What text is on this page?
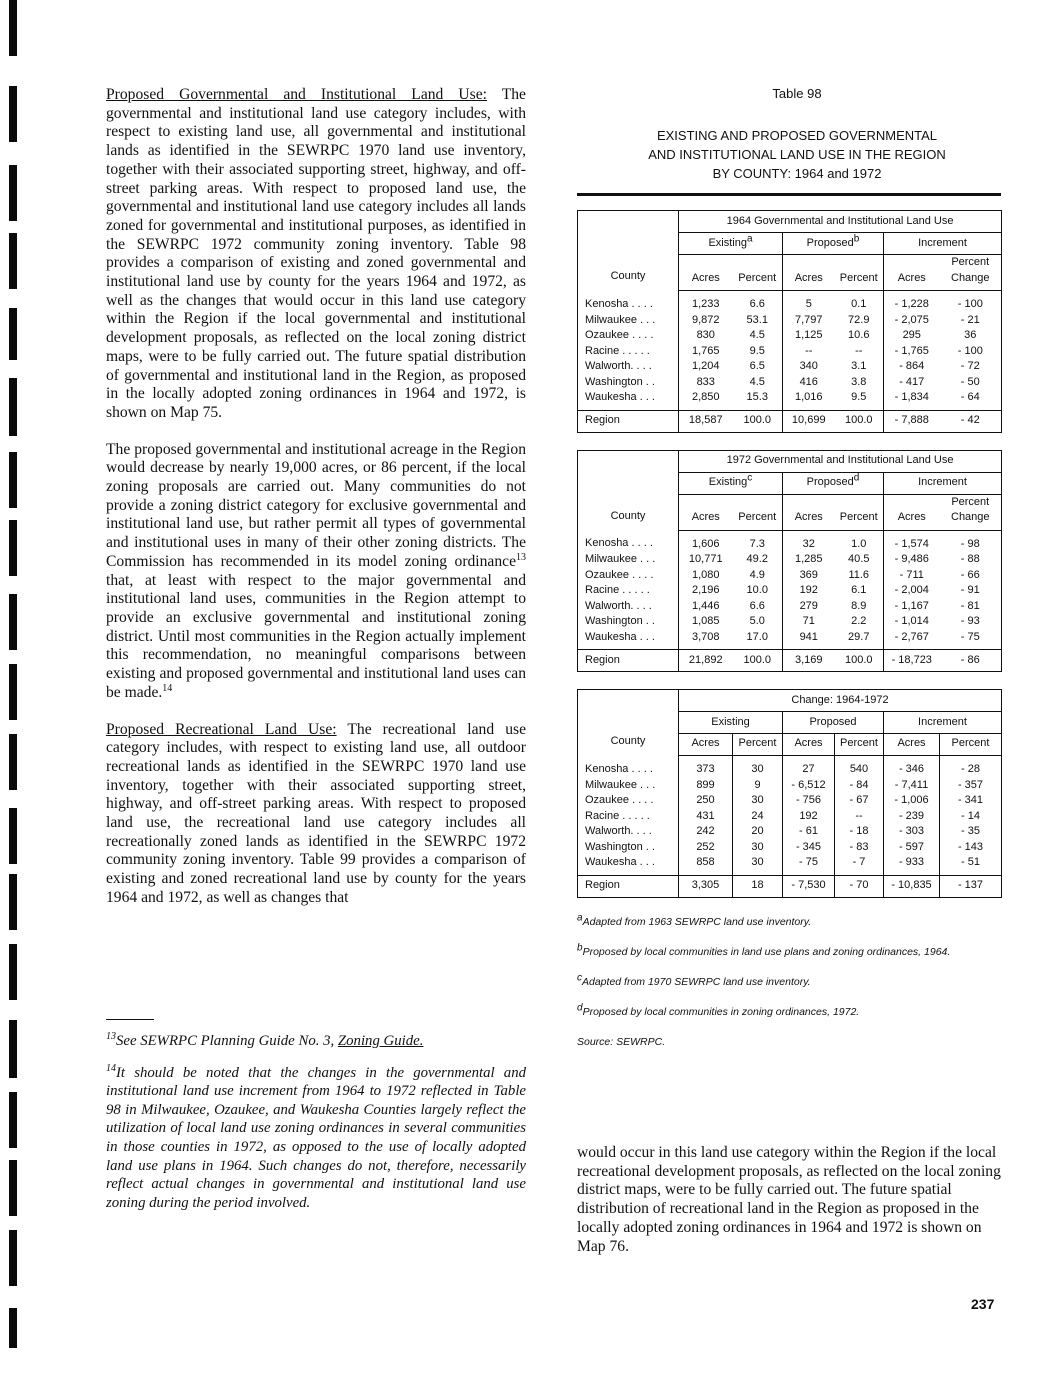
Proposed Governmental and Institutional Land Use: The governmental and institutional land use category includes, with respect to existing land use, all governmental and institutional lands as identified in the SEWRPC 1970 land use inventory, together with their associated supporting street, highway, and off-street parking areas. With respect to proposed land use, the governmental and institutional land use category includes all lands zoned for governmental and institutional purposes, as identified in the SEWRPC 1972 community zoning inventory. Table 98 provides a comparison of existing and zoned governmental and institutional land use by county for the years 1964 and 1972, as well as the changes that would occur in this land use category within the Region if the local governmental and institutional development proposals, as reflected on the local zoning district maps, were to be fully carried out. The future spatial distribution of governmental and institutional land in the Region, as proposed in the locally adopted zoning ordinances in 1964 and 1972, is shown on Map 75.

The proposed governmental and institutional acreage in the Region would decrease by nearly 19,000 acres, or 86 percent, if the local zoning proposals are carried out. Many communities do not provide a zoning district category for exclusive governmental and institutional land use, but rather permit all types of governmental and institutional uses in many of their other zoning districts. The Commission has recommended in its model zoning ordinance$^{13}$ that, at least with respect to the major governmental and institutional land uses, communities in the Region attempt to provide an exclusive governmental and institutional zoning district. Until most communities in the Region actually implement this recommendation, no meaningful comparisons between existing and proposed governmental and institutional land uses can be made.$^{14}$

Proposed Recreational Land Use: The recreational land use category includes, with respect to existing land use, all outdoor recreational lands as identified in the SEWRPC 1970 land use inventory, together with their associated supporting street, highway, and off-street parking areas. With respect to proposed land use, the recreational land use category includes all recreationally zoned lands as identified in the SEWRPC 1972 community zoning inventory. Table 99 provides a comparison of existing and zoned recreational land use by county for the years 1964 and 1972, as well as changes that

$^{13}$See SEWRPC Planning Guide No. 3, Zoning Guide.

$^{14}$It should be noted that the changes in the governmental and institutional land use increment from 1964 to 1972 reflected in Table 98 in Milwaukee, Ozaukee, and Waukesha Counties largely reflect the utilization of local land use zoning ordinances in several communities in those counties in 1972, as opposed to the use of locally adopted land use plans in 1964. Such changes do not, therefore, necessarily reflect actual changes in governmental and institutional land use zoning during the period involved.

Table 98
EXISTING AND PROPOSED GOVERNMENTAL
AND INSTITUTIONAL LAND USE IN THE REGION
BY COUNTY: 1964 and 1972
County	1964 Governmental and Institutional Land Use					
	Existing$^a$		Proposed$^b$		Increment	
	Acres	Percent	Acres	Percent	Acres	Percent
Change

Kenosha . . . .	1,233	6.6	5	0.1	- 1,228	- 100
Milwaukee . . .	9,872	53.1	7,797	72.9	- 2,075	- 21
Ozaukee . . . .	830	4.5	1,125	10.6	295	36
Racine . . . . .	1,765	9.5	--	--	- 1,765	- 100
Walworth. . . .	1,204	6.5	340	3.1	- 864	- 72
Washington . .	833	4.5	416	3.8	- 417	- 50
Waukesha . . .	2,850	15.3	1,016	9.5	- 1,834	- 64
Region	18,587	100.0	10,699	100.0	- 7,888	- 42
County	1972 Governmental and Institutional Land Use					
	Existing$^c$		Proposed$^d$		Increment	
	Acres	Percent	Acres	Percent	Acres	Percent
Change

Kenosha . . . .	1,606	7.3	32	1.0	- 1,574	- 98
Milwaukee . . .	10,771	49.2	1,285	40.5	- 9,486	- 88
Ozaukee . . . .	1,080	4.9	369	11.6	- 711	- 66
Racine . . . . .	2,196	10.0	192	6.1	- 2,004	- 91
Walworth. . . .	1,446	6.6	279	8.9	- 1,167	- 81
Washington . .	1,085	5.0	71	2.2	- 1,014	- 93
Waukesha . . .	3,708	17.0	941	29.7	- 2,767	- 75
Region	21,892	100.0	3,169	100.0	- 18,723	- 86
County	Change: 1964-1972					
	Existing		Proposed		Increment	
	Acres	Percent	Acres	Percent	Acres	Percent
Kenosha . . . .	373	30	27	540	- 346	- 28
Milwaukee . . .	899	9	- 6,512	- 84	- 7,411	- 357
Ozaukee . . . .	250	30	- 756	- 67	- 1,006	- 341
Racine . . . . .	431	24	192	--	- 239	- 14
Walworth. . . .	242	20	- 61	- 18	- 303	- 35
Washington . .	252	30	- 345	- 83	- 597	- 143
Waukesha . . .	858	30	- 75	- 7	- 933	- 51
Region	3,305	18	- 7,530	- 70	- 10,835	- 137

$^a$Adapted from 1963 SEWRPC land use inventory.

$^b$Proposed by local communities in land use plans and zoning ordinances, 1964.

$^c$Adapted from 1970 SEWRPC land use inventory.

$^d$Proposed by local communities in zoning ordinances, 1972.

Source: SEWRPC.

would occur in this land use category within the Region if the local recreational development proposals, as reflected on the local zoning district maps, were to be fully carried out. The future spatial distribution of recreational land in the Region as proposed in the locally adopted zoning ordinances in 1964 and 1972 is shown on Map 76.
237
